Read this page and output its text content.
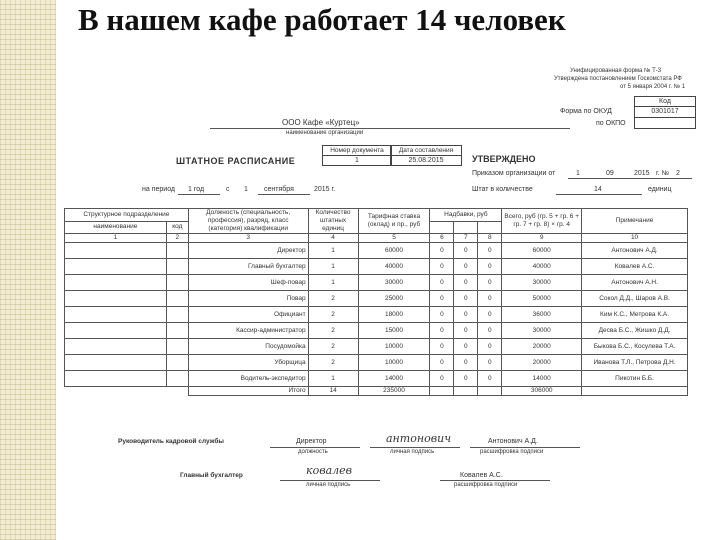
В нашем кафе работает 14 человек
Унифицированная форма № Т-3
Утверждена постановлением Госкомстата РФ
от 5 января 2004 г. № 1
Код
Форма по ОКУД	0301017
по ОКПО
ООО Кафе «Куртец»
наименование организации
Номер документа	Дата составления
1	25.08.2015
ШТАТНОЕ РАСПИСАНИЕ	УТВЕРЖДЕНО
Приказом организации от	1	09	2015 г. № 2
на период 1 год	с 1 сентября	2015 г.	Штат в количестве	14	единиц
Структурное подразделение		Должность (специальность, профессия), разряд, класс (категория) квалификации	Количество штатных единиц	Тарифная ставка (оклад) и пр., руб	Надбавки, руб			Всего, руб (гр. 5 + гр. 6 + гр. 7 + гр. 8) × гр. 4	Примечание
наименование	код								
1	2	3	4	5	6	7	8	9	10
		Директор	1	60000	0	0	0	60000	Антонович А.Д.
		Главный бухгалтер	1	40000	0	0	0	40000	Ковалев А.С.
		Шеф-повар	1	30000	0	0	0	30000	Антонович А.Н.
		Повар	2	25000	0	0	0	50000	Сокол Д.Д., Шаров А.В.
		Официант	2	18000	0	0	0	36000	Ким К.С., Метрова К.А.
		Кассир-администратор	2	15000	0	0	0	30000	Десва Б.С., Жишко Д.Д.
		Посудомойка	2	10000	0	0	0	20000	Быкова Б.С., Косулева Т.А.
		Уборщица	2	10000	0	0	0	20000	Иванова Т.Л., Петрова Д.Н.
		Водитель-экспедитор	1	14000	0	0	0	14000	Пикотин Б.Б.
		Итого	14	235000				306000	
Руководитель кадровой службы	Директор
должность
антонович
личная подпись
Антонович А.Д.
расшифровка подписи
Главный бухгалтер	ковалев
личная подпись
Ковалев А.С.
расшифровка подписи
